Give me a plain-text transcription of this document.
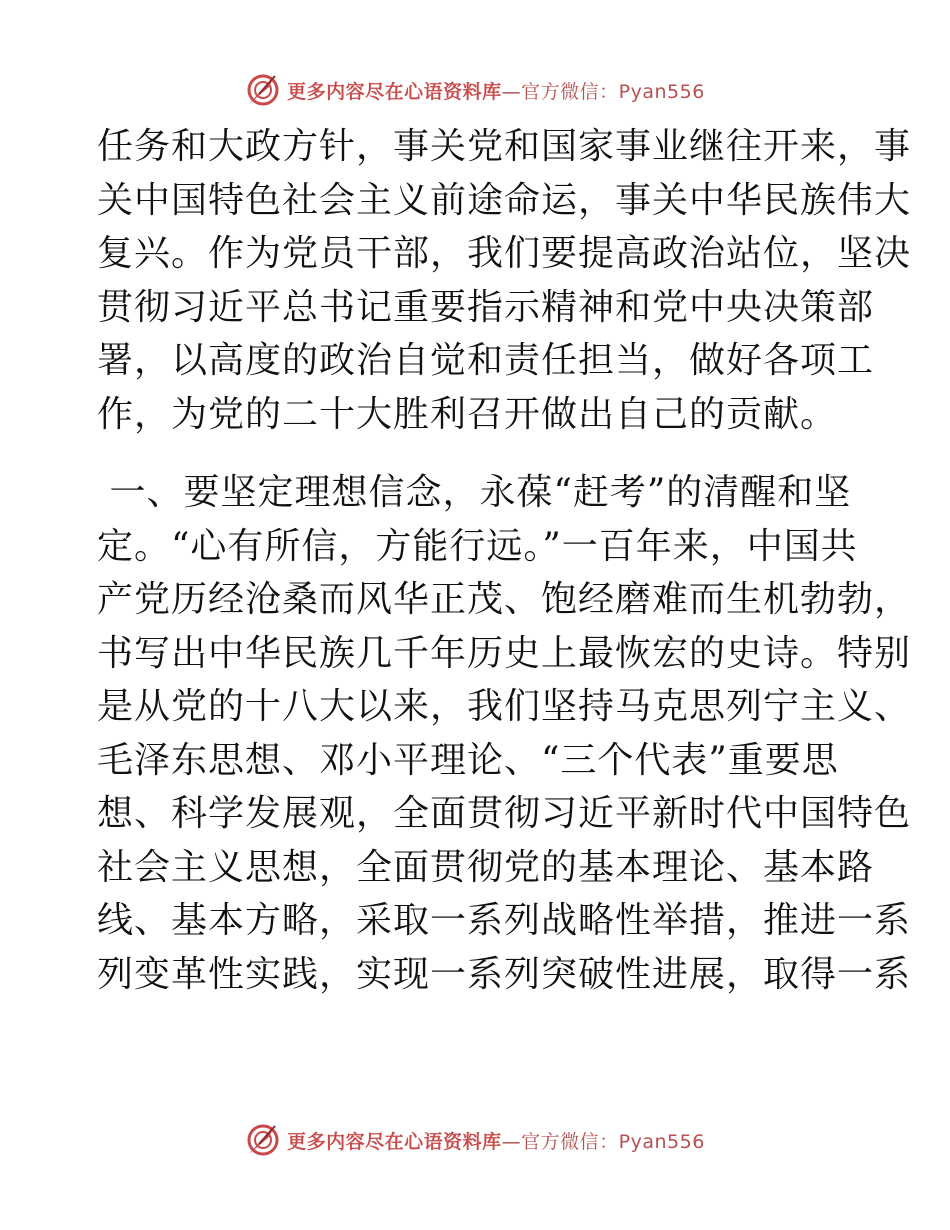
更多内容尽在心语资料库—官方微信：Pyan556
任务和大政方针，事关党和国家事业继往开来，事
关中国特色社会主义前途命运，事关中华民族伟大
复兴。作为党员干部，我们要提高政治站位，坚决
贯彻习近平总书记重要指示精神和党中央决策部
署，以高度的政治自觉和责任担当，做好各项工
作，为党的二十大胜利召开做出自己的贡献。
一、要坚定理想信念，永葆“赶考”的清醒和坚
定。“心有所信，方能行远。”一百年来，中国共
产党历经沧桑而风华正茂、饱经磨难而生机勃勃，
书写出中华民族几千年历史上最恢宏的史诗。特别
是从党的十八大以来，我们坚持马克思列宁主义、
毛泽东思想、邓小平理论、“三个代表”重要思
想、科学发展观，全面贯彻习近平新时代中国特色
社会主义思想，全面贯彻党的基本理论、基本路
线、基本方略，采取一系列战略性举措，推进一系
列变革性实践，实现一系列突破性进展，取得一系
更多内容尽在心语资料库—官方微信：Pyan556
